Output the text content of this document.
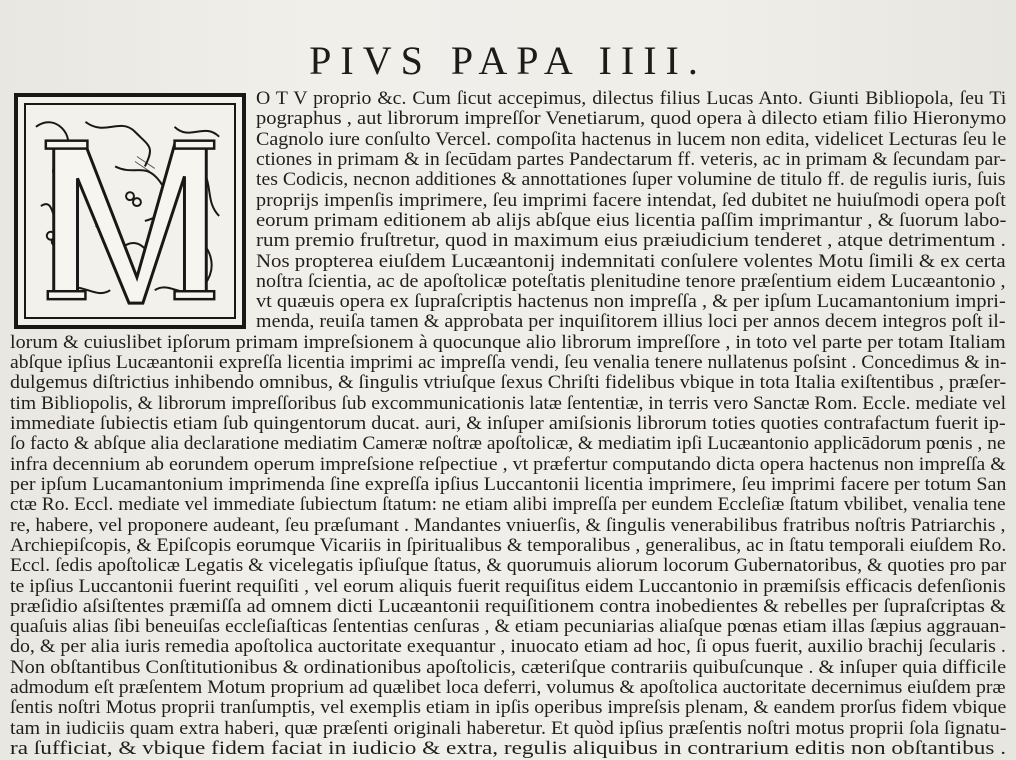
PIVS PAPA IIII.
O T V proprio &c. Cum ſicut accepimus, dilectus filius Lucas Anto. Giunti Bibliopola, ſeu Ti
pographus , aut librorum impreſſor Venetiarum, quod opera à dilecto etiam filio Hieronymo
Cagnolo iure conſulto Vercel. compoſita hactenus in lucem non edita, videlicet Lecturas ſeu le
ctiones in primam & in ſecūdam partes Pandectarum ff. veteris, ac in primam & ſecundam par-
tes Codicis, necnon additiones & annottationes ſuper volumine de titulo ff. de regulis iuris, ſuis
proprijs impenſis imprimere, ſeu imprimi facere intendat, ſed dubitet ne huiuſmodi opera poſt
eorum primam editionem ab alijs abſque eius licentia paſſim imprimantur , & ſuorum labo-
rum premio fruſtretur, quod in maximum eius præiudicium tenderet , atque detrimentum .
Nos propterea eiuſdem Lucæantonij indemnitati conſulere volentes Motu ſimili & ex certa
noſtra ſcientia, ac de apoſtolicæ poteſtatis plenitudine tenore præſentium eidem Lucæantonio ,
vt quæuis opera ex ſupraſcriptis hactenus non impreſſa , & per ipſum Lucamantonium impri-
menda, reuiſa tamen & approbata per inquiſitorem illius loci per annos decem integros poſt il-
lorum & cuiuslibet ipſorum primam impreſsionem à quocunque alio librorum impreſſore , in toto vel parte per totam Italiam
abſque ipſius Lucæantonii expreſſa licentia imprimi ac impreſſa vendi, ſeu venalia tenere nullatenus poſsint . Concedimus & in-
dulgemus diſtrictius inhibendo omnibus, & ſingulis vtriuſque ſexus Chriſti fidelibus vbique in tota Italia exiſtentibus , præſer-
tim Bibliopolis, & librorum impreſſoribus ſub excommunicationis latæ ſententiæ, in terris vero Sanctæ Rom. Eccle. mediate vel
immediate ſubiectis etiam ſub quingentorum ducat. auri, & inſuper amiſsionis librorum toties quoties contrafactum fuerit ip-
ſo facto & abſque alia declaratione mediatim Cameræ noſtræ apoſtolicæ, & mediatim ipſi Lucæantonio applicādorum pœnis , ne
infra decennium ab eorundem operum impreſsione reſpectiue , vt præfertur computando dicta opera hactenus non impreſſa &
per ipſum Lucamantonium imprimenda ſine expreſſa ipſius Luccantonii licentia imprimere, ſeu imprimi facere per totum San
ctæ Ro. Eccl. mediate vel immediate ſubiectum ſtatum: ne etiam alibi impreſſa per eundem Eccleſiæ ſtatum vbilibet, venalia tene
re, habere, vel proponere audeant, ſeu præſumant . Mandantes vniuerſis, & ſingulis venerabilibus fratribus noſtris Patriarchis ,
Archiepiſcopis, & Epiſcopis eorumque Vicariis in ſpiritualibus & temporalibus , generalibus, ac in ſtatu temporali eiuſdem Ro.
Eccl. ſedis apoſtolicæ Legatis & vicelegatis ipſiuſque ſtatus, & quorumuis aliorum locorum Gubernatoribus, & quoties pro par
te ipſius Luccantonii fuerint requiſiti , vel eorum aliquis fuerit requiſitus eidem Luccantonio in præmiſsis efficacis defenſionis
præſidio aſsiſtentes præmiſſa ad omnem dicti Lucæantonii requiſitionem contra inobedientes & rebelles per ſupraſcriptas &
quaſuis alias ſibi beneuiſas eccleſiaſticas ſententias cenſuras , & etiam pecuniarias aliaſque pœnas etiam illas ſæpius aggrauan-
do, & per alia iuris remedia apoſtolica auctoritate exequantur , inuocato etiam ad hoc, ſi opus fuerit, auxilio brachij ſecularis .
Non obſtantibus Conſtitutionibus & ordinationibus apoſtolicis, cæteriſque contrariis quibuſcunque . & inſuper quia difficile
admodum eſt præſentem Motum proprium ad quælibet loca deferri, volumus & apoſtolica auctoritate decernimus eiuſdem præ
ſentis noſtri Motus proprii tranſumptis, vel exemplis etiam in ipſis operibus impreſsis plenam, & eandem prorſus fidem vbique
tam in iudiciis quam extra haberi, quæ præſenti originali haberetur. Et quòd ipſius præſentis noſtri motus proprii ſola ſignatu-
ra ſufficiat, & vbique fidem faciat in iudicio & extra, regulis aliquibus in contrarium editis non obſtantibus .
